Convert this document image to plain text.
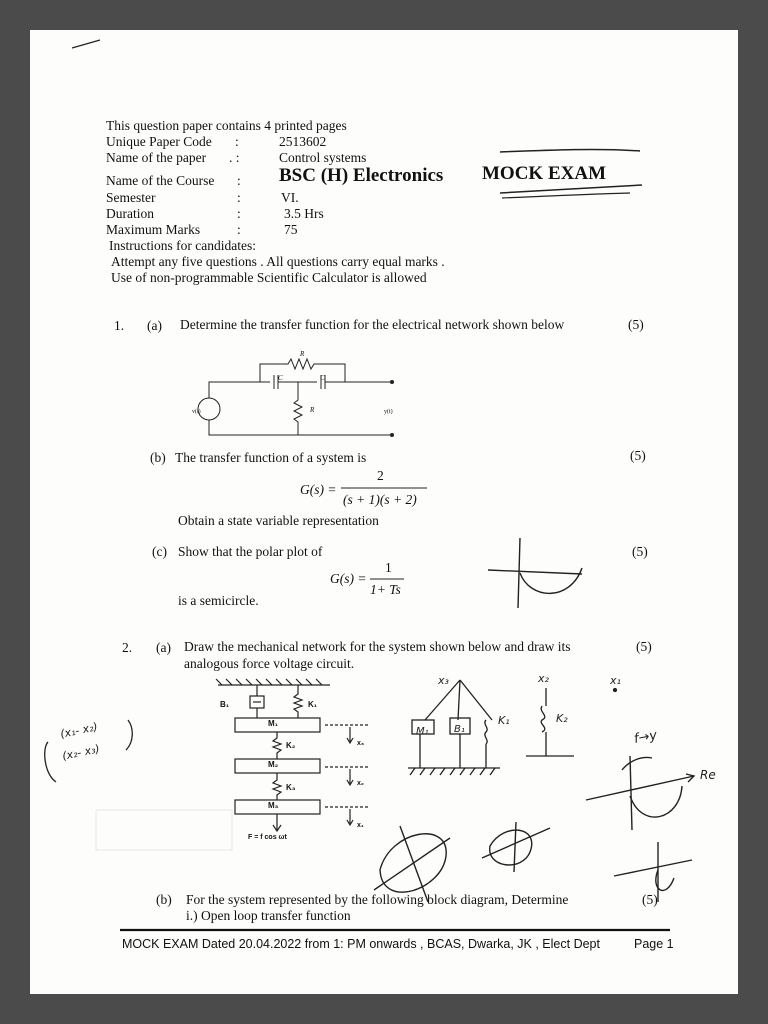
This question paper contains 4 printed pages
Unique Paper Code :	2513602
Name of the paper . :	Control systems
Name of the Course : BSC (H) Electronics MOCK EXAM
Semester	:	VI.
Duration	:	3.5 Hrs
Maximum Marks	:	75
Instructions for candidates:
Attempt any five questions . All questions carry equal marks .
Use of non-programmable Scientific Calculator is allowed
1. (a) Determine the transfer function for the electrical network shown below	(5)
R
C	C
R
v(t)	y(t)
(b) The transfer function of a system is	(5)
G(s) =
2
(s + 1)(s + 2)
Obtain a state variable representation
(c) Show that the polar plot of	(5)
G(s) =
1
1+ Ts
is a semicircle.
2. (a) Draw the mechanical network for the system shown below and draw its
analogous force voltage circuit.
(5)
B₁	K₁
M₁
K₂
M₂
K₃
M₃
F = f cos ωt
x₃
x₂
x₁
(b) For the system represented by the following block diagram, Determine
i.) Open loop transfer function
(5)
x₃	x₂	x₁
M₁	B₁
K₁	K₂
(x₁- x₂)
(x₂- x₃)
f→y
Re
MOCK EXAM Dated 20.04.2022 from 1: PM onwards , BCAS, Dwarka, JK , Elect Dept	Page 1
